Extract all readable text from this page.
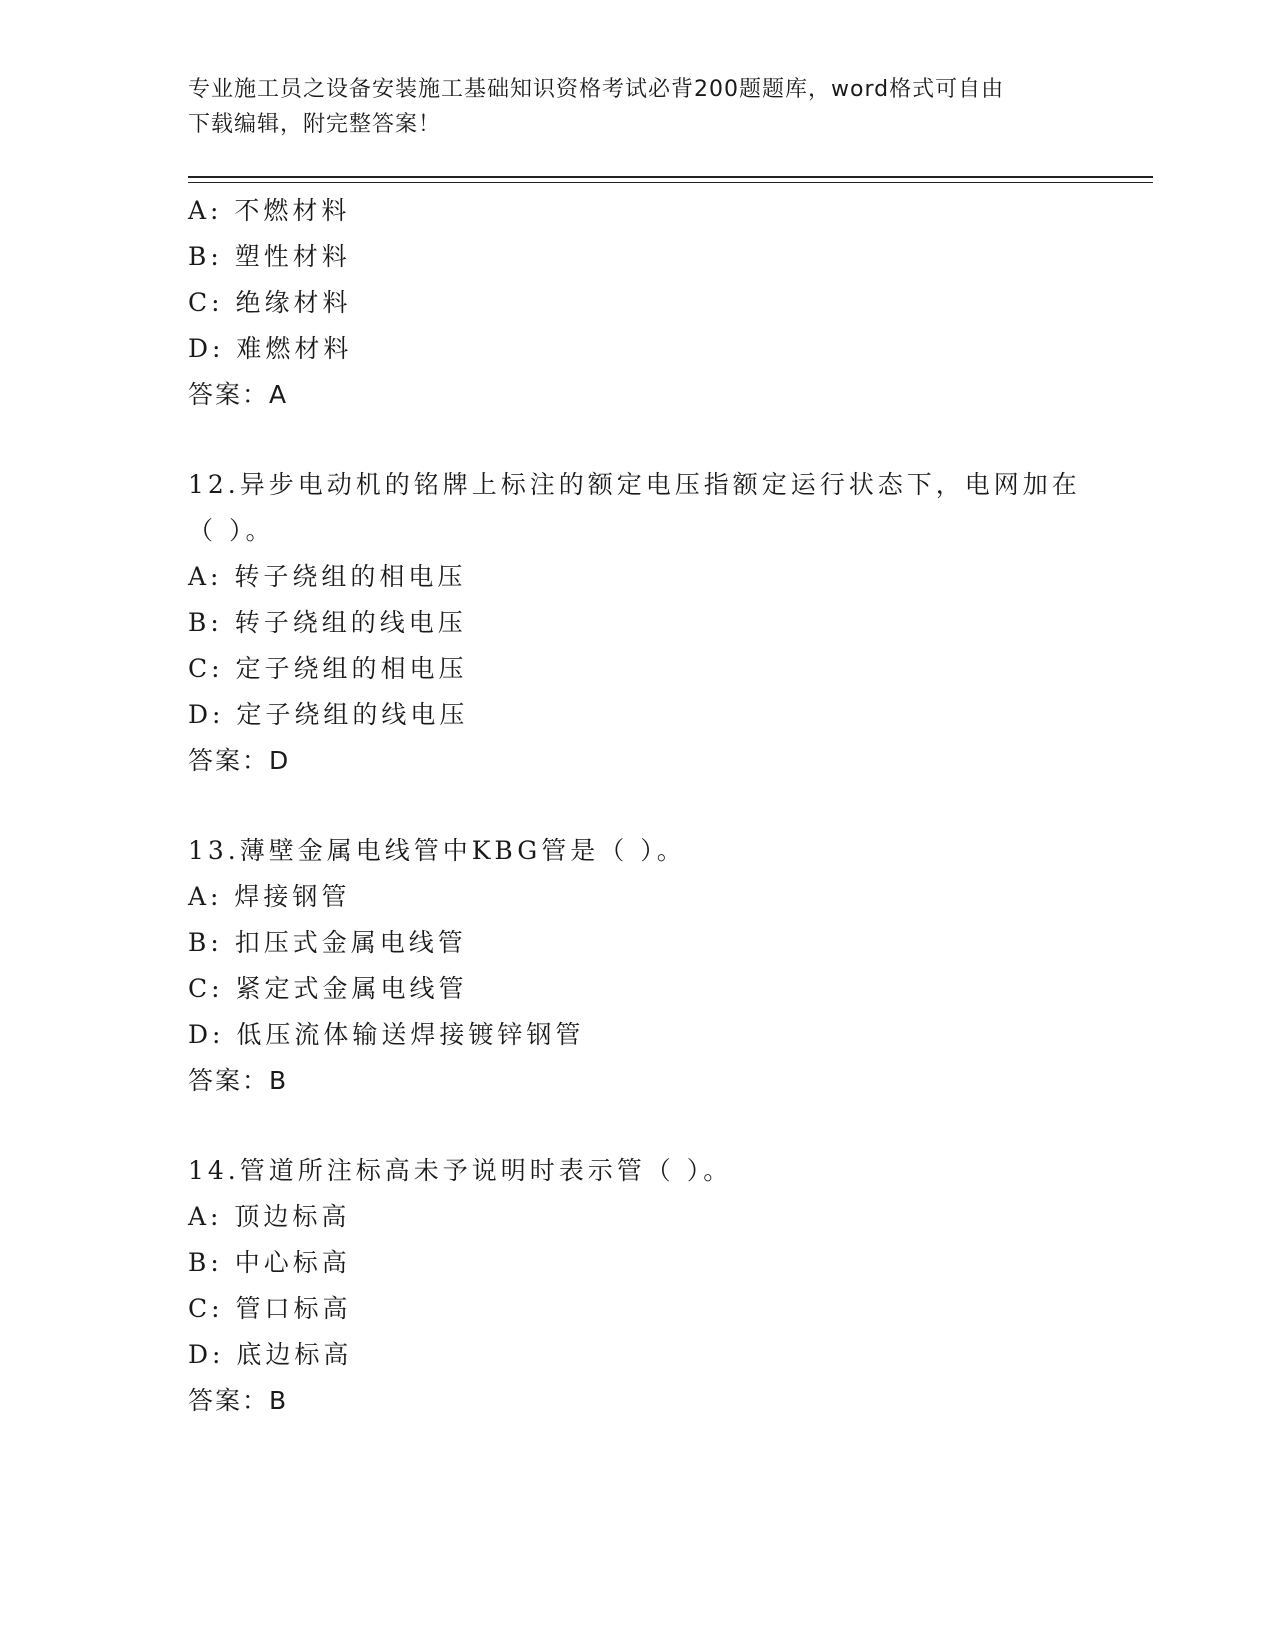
专业施工员之设备安装施工基础知识资格考试必背200题题库，word格式可自由
下载编辑，附完整答案！
A: 不燃材料
B: 塑性材料
C: 绝缘材料
D: 难燃材料
答案：A
12.异步电动机的铭牌上标注的额定电压指额定运行状态下，电网加在
（ ）。
A: 转子绕组的相电压
B: 转子绕组的线电压
C: 定子绕组的相电压
D: 定子绕组的线电压
答案：D
13.薄壁金属电线管中KBG管是（ ）。
A: 焊接钢管
B: 扣压式金属电线管
C: 紧定式金属电线管
D: 低压流体输送焊接镀锌钢管
答案：B
14.管道所注标高未予说明时表示管（ ）。
A: 顶边标高
B: 中心标高
C: 管口标高
D: 底边标高
答案：B
